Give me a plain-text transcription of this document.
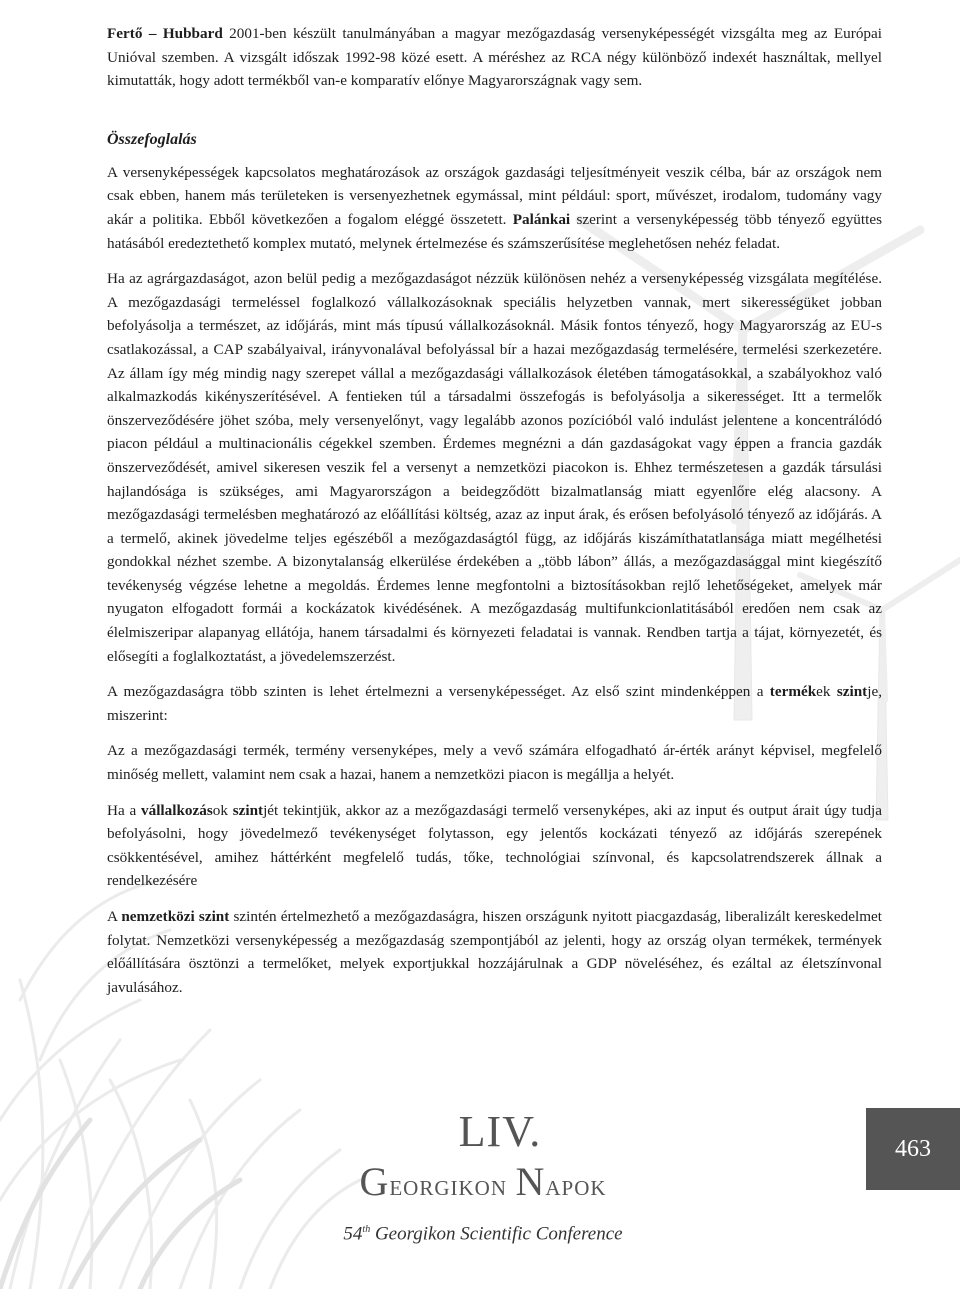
Fertő – Hubbard 2001-ben készült tanulmányában a magyar mezőgazdaság versenyképességét vizsgálta meg az Európai Unióval szemben. A vizsgált időszak 1992-98 közé esett. A méréshez az RCA négy különböző indexét használtak, mellyel kimutatták, hogy adott termékből van-e komparatív előnye Magyarországnak vagy sem.

Összefoglalás

A versenyképességek kapcsolatos meghatározások az országok gazdasági teljesítményeit veszik célba, bár az országok nem csak ebben, hanem más területeken is versenyezhetnek egymással, mint például: sport, művészet, irodalom, tudomány vagy akár a politika. Ebből következően a fogalom eléggé összetett. Palánkai szerint a versenyképesség több tényező együttes hatásából eredeztethető komplex mutató, melynek értelmezése és számszerűsítése meglehetősen nehéz feladat.

Ha az agrárgazdaságot, azon belül pedig a mezőgazdaságot nézzük különösen nehéz a versenyképesség vizsgálata megítélése. A mezőgazdasági termeléssel foglalkozó vállalkozásoknak speciális helyzetben vannak, mert sikerességüket jobban befolyásolja a természet, az időjárás, mint más típusú vállalkozásoknál. Másik fontos tényező, hogy Magyarország az EU-s csatlakozással, a CAP szabályaival, irányvonalával befolyással bír a hazai mezőgazdaság termelésére, termelési szerkezetére. Az állam így még mindig nagy szerepet vállal a mezőgazdasági vállalkozások életében támogatásokkal, a szabályokhoz való alkalmazkodás kikényszerítésével. A fentieken túl a társadalmi összefogás is befolyásolja a sikerességet. Itt a termelők önszerveződésére jöhet szóba, mely versenyelőnyt, vagy legalább azonos pozícióból való indulást jelentene a koncentrálódó piacon például a multinacionális cégekkel szemben. Érdemes megnézni a dán gazdaságokat vagy éppen a francia gazdák önszerveződését, amivel sikeresen veszik fel a versenyt a nemzetközi piacokon is. Ehhez természetesen a gazdák társulási hajlandósága is szükséges, ami Magyarországon a beidegződött bizalmatlanság miatt egyenlőre elég alacsony. A mezőgazdasági termelésben meghatározó az előállítási költség, azaz az input árak, és erősen befolyásoló tényező az időjárás. A a termelő, akinek jövedelme teljes egészéből a mezőgazdaságtól függ, az időjárás kiszámíthatatlansága miatt megélhetési gondokkal nézhet szembe. A bizonytalanság elkerülése érdekében a „több lábon” állás, a mezőgazdasággal mint kiegészítő tevékenység végzése lehetne a megoldás. Érdemes lenne megfontolni a biztosításokban rejlő lehetőségeket, amelyek már nyugaton elfogadott formái a kockázatok kivédésének. A mezőgazdaság multifunkcionlatitásából eredően nem csak az élelmiszeripar alapanyag ellátója, hanem társadalmi és környezeti feladatai is vannak. Rendben tartja a tájat, környezetét, és elősegíti a foglalkoztatást, a jövedelemszerzést.

A mezőgazdaságra több szinten is lehet értelmezni a versenyképességet. Az első szint mindenképpen a termékek szintje, miszerint:

Az a mezőgazdasági termék, termény versenyképes, mely a vevő számára elfogadható ár-érték arányt képvisel, megfelelő minőség mellett, valamint nem csak a hazai, hanem a nemzetközi piacon is megállja a helyét.

Ha a vállalkozások szintjét tekintjük, akkor az a mezőgazdasági termelő versenyképes, aki az input és output árait úgy tudja befolyásolni, hogy jövedelmező tevékenységet folytasson, egy jelentős kockázati tényező az időjárás szerepének csökkentésével, amihez háttérként megfelelő tudás, tőke, technológiai színvonal, és kapcsolatrendszerek állnak a rendelkezésére

A nemzetközi szint szintén értelmezhető a mezőgazdaságra, hiszen országunk nyitott piacgazdaság, liberalizált kereskedelmet folytat. Nemzetközi versenyképesség a mezőgazdaság szempontjából az jelenti, hogy az ország olyan termékek, termények előállítására ösztönzi a termelőket, melyek exportjukkal hozzájárulnak a GDP növeléséhez, és ezáltal az életszínvonal javulásához.

LIV.
Georgikon Napok
54th Georgikon Scientific Conference
463
